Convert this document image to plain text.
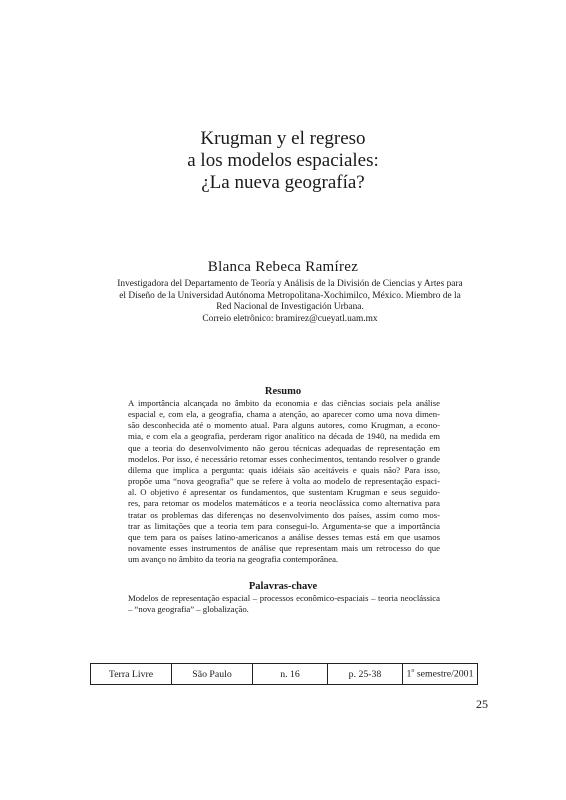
Krugman y el regreso
a los modelos espaciales:
¿La nueva geografía?
Blanca Rebeca Ramírez
Investigadora del Departamento de Teoría y Análisis de la División de Ciencias y Artes para
el Diseño de la Universidad Autónoma Metropolitana-Xochimilco, México. Miembro de la
Red Nacional de Investigación Urbana.
Correio eletrônico: bramirez@cueyatl.uam.mx
Resumo
A importância alcançada no âmbito da economia e das ciências sociais pela análise
espacial e, com ela, a geografia, chama a atenção, ao aparecer como uma nova dimen-
são desconhecida até o momento atual. Para alguns autores, como Krugman, a econo-
mia, e com ela a geografia, perderam rigor analítico na década de 1940, na medida em
que a teoria do desenvolvimento não gerou técnicas adequadas de representação em
modelos. Por isso, é necessário retomar esses conhecimentos, tentando resolver o grande
dilema que implica a pergunta: quais idéiais são aceitáveis e quais não? Para isso,
propõe uma “nova geografia” que se refere à volta ao modelo de representação espaci-
al. O objetivo é apresentar os fundamentos, que sustentam Krugman e seus seguido-
res, para retomar os modelos matemáticos e a teoria neoclássica como alternativa para
tratar os problemas das diferenças no desenvolvimento dos países, assim como mos-
trar as limitações que a teoria tem para consegui-lo. Argumenta-se que a importância
que tem para os países latino-americanos a análise desses temas está em que usamos
novamente esses instrumentos de análise que representam mais um retrocesso do que
um avanço no âmbito da teoria na geografia contemporânea.
Palavras-chave
Modelos de representação espacial – processos econômico-espaciais – teoria neoclássica
– “nova geografia” – globalização.
Terra Livre	São Paulo	n. 16	p. 25-38	1$^o$ semestre/2001
25
